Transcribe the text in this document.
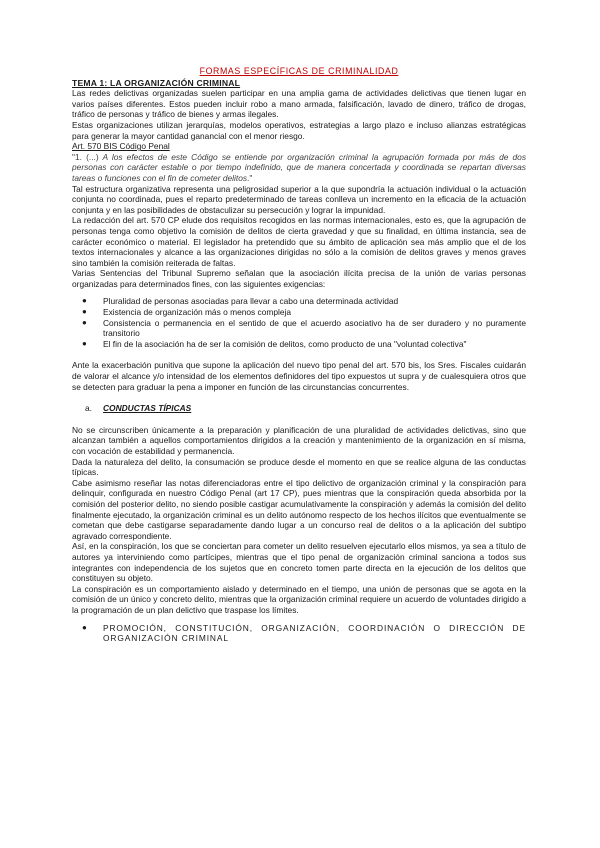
FORMAS ESPECÍFICAS DE CRIMINALIDAD

TEMA 1: LA ORGANIZACIÓN CRIMINAL

Las redes delictivas organizadas suelen participar en una amplia gama de actividades delictivas que tienen lugar en varios países diferentes. Estos pueden incluir robo a mano armada, falsificación, lavado de dinero, tráfico de drogas, tráfico de personas y tráfico de bienes y armas ilegales.

Estas organizaciones utilizan jerarquías, modelos operativos, estrategias a largo plazo e incluso alianzas estratégicas para generar la mayor cantidad ganancial con el menor riesgo.

Art. 570 BIS Código Penal

"1. (...) A los efectos de este Código se entiende por organización criminal la agrupación formada por más de dos personas con carácter estable o por tiempo indefinido, que de manera concertada y coordinada se repartan diversas tareas o funciones con el fin de cometer delitos."

Tal estructura organizativa representa una peligrosidad superior a la que supondría la actuación individual o la actuación conjunta no coordinada, pues el reparto predeterminado de tareas conlleva un incremento en la eficacia de la actuación conjunta y en las posibilidades de obstaculizar su persecución y lograr la impunidad.

La redacción del art. 570 CP elude dos requisitos recogidos en las normas internacionales, esto es, que la agrupación de personas tenga como objetivo la comisión de delitos de cierta gravedad y que su finalidad, en última instancia, sea de carácter económico o material. El legislador ha pretendido que su ámbito de aplicación sea más amplio que el de los textos internacionales y alcance a las organizaciones dirigidas no sólo a la comisión de delitos graves y menos graves sino también la comisión reiterada de faltas.

Varias Sentencias del Tribunal Supremo señalan que la asociación ilícita precisa de la unión de varias personas organizadas para determinados fines, con las siguientes exigencias:

● Pluralidad de personas asociadas para llevar a cabo una determinada actividad
● Existencia de organización más o menos compleja
● Consistencia o permanencia en el sentido de que el acuerdo asociativo ha de ser duradero y no puramente transitorio
● El fin de la asociación ha de ser la comisión de delitos, como producto de una "voluntad colectiva"

Ante la exacerbación punitiva que supone la aplicación del nuevo tipo penal del art. 570 bis, los Sres. Fiscales cuidarán de valorar el alcance y/o intensidad de los elementos definidores del tipo expuestos ut supra y de cualesquiera otros que se detecten para graduar la pena a imponer en función de las circunstancias concurrentes.

a.	CONDUCTAS TÍPICAS

No se circunscriben únicamente a la preparación y planificación de una pluralidad de actividades delictivas, sino que alcanzan también a aquellos comportamientos dirigidos a la creación y mantenimiento de la organización en sí misma, con vocación de estabilidad y permanencia.

Dada la naturaleza del delito, la consumación se produce desde el momento en que se realice alguna de las conductas típicas.

Cabe asimismo reseñar las notas diferenciadoras entre el tipo delictivo de organización criminal y la conspiración para delinquir, configurada en nuestro Código Penal (art 17 CP), pues mientras que la conspiración queda absorbida por la comisión del posterior delito, no siendo posible castigar acumulativamente la conspiración y además la comisión del delito finalmente ejecutado, la organización criminal es un delito autónomo respecto de los hechos ilícitos que eventualmente se cometan que debe castigarse separadamente dando lugar a un concurso real de delitos o a la aplicación del subtipo agravado correspondiente.

Así, en la conspiración, los que se conciertan para cometer un delito resuelven ejecutarlo ellos mismos, ya sea a título de autores ya interviniendo como partícipes, mientras que el tipo penal de organización criminal sanciona a todos sus integrantes con independencia de los sujetos que en concreto tomen parte directa en la ejecución de los delitos que constituyen su objeto.

La conspiración es un comportamiento aislado y determinado en el tiempo, una unión de personas que se agota en la comisión de un único y concreto delito, mientras que la organización criminal requiere un acuerdo de voluntades dirigido a la programación de un plan delictivo que traspase los límites.

● PROMOCIÓN, CONSTITUCIÓN, ORGANIZACIÓN, COORDINACIÓN O DIRECCIÓN DE ORGANIZACIÓN CRIMINAL
